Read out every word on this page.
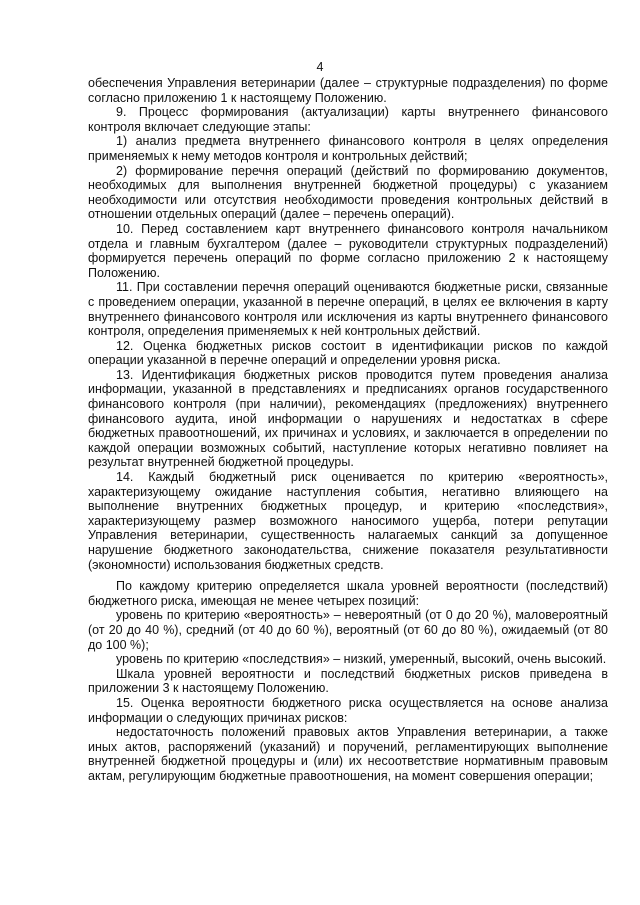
4

обеспечения Управления ветеринарии (далее – структурные подразделения) по форме согласно приложению 1 к настоящему Положению.

9. Процесс формирования (актуализации) карты внутреннего финансового контроля включает следующие этапы:

1) анализ предмета внутреннего финансового контроля в целях определения применяемых к нему методов контроля и контрольных действий;

2) формирование перечня операций (действий по формированию документов, необходимых для выполнения внутренней бюджетной процедуры) с указанием необходимости или отсутствия необходимости проведения контрольных действий в отношении отдельных операций (далее – перечень операций).

10. Перед составлением карт внутреннего финансового контроля начальником отдела и главным бухгалтером (далее – руководители структурных подразделений) формируется перечень операций по форме согласно приложению 2 к настоящему Положению.

11. При составлении перечня операций оцениваются бюджетные риски, связанные с проведением операции, указанной в перечне операций, в целях ее включения в карту внутреннего финансового контроля или исключения из карты внутреннего финансового контроля, определения применяемых к ней контрольных действий.

12. Оценка бюджетных рисков состоит в идентификации рисков по каждой операции указанной в перечне операций и определении уровня риска.

13. Идентификация бюджетных рисков проводится путем проведения анализа информации, указанной в представлениях и предписаниях органов государственного финансового контроля (при наличии), рекомендациях (предложениях) внутреннего финансового аудита, иной информации о нарушениях и недостатках в сфере бюджетных правоотношений, их причинах и условиях, и заключается в определении по каждой операции возможных событий, наступление которых негативно повлияет на результат внутренней бюджетной процедуры.

14. Каждый бюджетный риск оценивается по критерию «вероятность», характеризующему ожидание наступления события, негативно влияющего на выполнение внутренних бюджетных процедур, и критерию «последствия», характеризующему размер возможного наносимого ущерба, потери репутации Управления ветеринарии, существенность налагаемых санкций за допущенное нарушение бюджетного законодательства, снижение показателя результативности (экономности) использования бюджетных средств.

По каждому критерию определяется шкала уровней вероятности (последствий) бюджетного риска, имеющая не менее четырех позиций:

уровень по критерию «вероятность» – невероятный (от 0 до 20 %), маловероятный (от 20 до 40 %), средний (от 40 до 60 %), вероятный (от 60 до 80 %), ожидаемый (от 80 до 100 %);

уровень по критерию «последствия» – низкий, умеренный, высокий, очень высокий.

Шкала уровней вероятности и последствий бюджетных рисков приведена в приложении 3 к настоящему Положению.

15. Оценка вероятности бюджетного риска осуществляется на основе анализа информации о следующих причинах рисков:

недостаточность положений правовых актов Управления ветеринарии, а также иных актов, распоряжений (указаний) и поручений, регламентирующих выполнение внутренней бюджетной процедуры и (или) их несоответствие нормативным правовым актам, регулирующим бюджетные правоотношения, на момент совершения операции;
